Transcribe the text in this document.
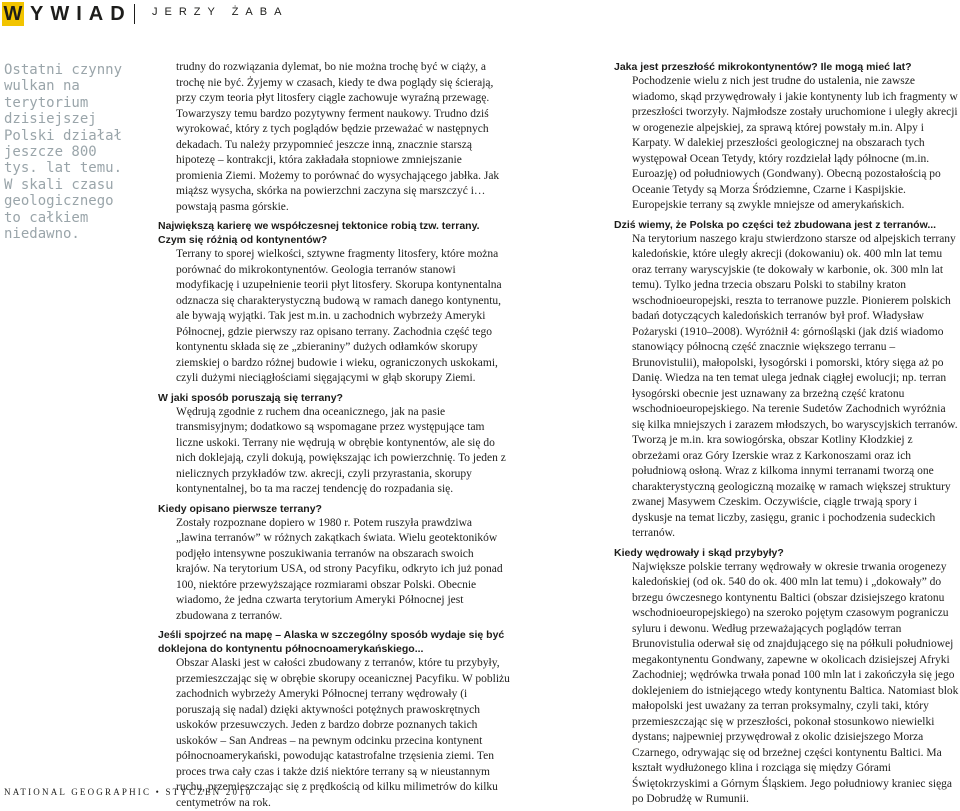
W YWIAD JERZY ŻABA

Ostatni czynny wulkan na terytorium dzisiejszej Polski działał jeszcze 800 tys. lat temu. W skali czasu geologicznego to całkiem niedawno.

trudny do rozwiązania dylemat, bo nie można trochę być w ciąży, a trochę nie być. Żyjemy w czasach, kiedy te dwa poglądy się ścierają, przy czym teoria płyt litosfery ciągle zachowuje wyraźną przewagę. Towarzyszy temu bardzo pozytywny ferment naukowy. Trudno dziś wyrokować, który z tych poglądów będzie przeważać w następnych dekadach. Tu należy przypomnieć jeszcze inną, znacznie starszą hipotezę – kontrakcji, która zakładała stopniowe zmniejszanie promienia Ziemi. Możemy to porównać do wysychającego jabłka. Jak miąższ wysycha, skórka na powierzchni zaczyna się marszczyć i… powstają pasma górskie.

Największą karierę we współczesnej tektonice robią tzw. terrany. Czym się różnią od kontynentów?

Terrany to sporej wielkości, sztywne fragmenty litosfery, które można porównać do mikrokontynentów. Geologia terranów stanowi modyfikację i uzupełnienie teorii płyt litosfery. Skorupa kontynentalna odznacza się charakterystyczną budową w ramach danego kontynentu, ale bywają wyjątki. Tak jest m.in. u zachodnich wybrzeży Ameryki Północnej, gdzie pierwszy raz opisano terrany. Zachodnia część tego kontynentu składa się ze „zbieraniny” dużych odłamków skorupy ziemskiej o bardzo różnej budowie i wieku, ograniczonych uskokami, czyli dużymi nieciągłościami sięgającymi w głąb skorupy Ziemi.

W jaki sposób poruszają się terrany?

Wędrują zgodnie z ruchem dna oceanicznego, jak na pasie transmisyjnym; dodatkowo są wspomagane przez występujące tam liczne uskoki. Terrany nie wędrują w obrębie kontynentów, ale się do nich doklejają, czyli dokują, powiększając ich powierzchnię. To jeden z nielicznych przykładów tzw. akrecji, czyli przyrastania, skorupy kontynentalnej, bo ta ma raczej tendencję do rozpadania się.

Kiedy opisano pierwsze terrany?

Zostały rozpoznane dopiero w 1980 r. Potem ruszyła prawdziwa „lawina terranów” w różnych zakątkach świata. Wielu geotektoników podjęło intensywne poszukiwania terranów na obszarach swoich krajów. Na terytorium USA, od strony Pacyfiku, odkryto ich już ponad 100, niektóre przewyższające rozmiarami obszar Polski. Obecnie wiadomo, że jedna czwarta terytorium Ameryki Północnej jest zbudowana z terranów.

Jeśli spojrzeć na mapę – Alaska w szczególny sposób wydaje się być doklejona do kontynentu północnoamerykańskiego...

Obszar Alaski jest w całości zbudowany z terranów, które tu przybyły, przemieszczając się w obrębie skorupy oceanicznej Pacyfiku. W pobliżu zachodnich wybrzeży Ameryki Północnej terrany wędrowały (i poruszają się nadal) dzięki aktywności potężnych prawoskrętnych uskoków przesuwczych. Jeden z bardzo dobrze poznanych takich uskoków – San Andreas – na pewnym odcinku przecina kontynent północnoamerykański, powodując katastrofalne trzęsienia ziemi. Ten proces trwa cały czas i także dziś niektóre terrany są w nieustannym ruchu, przemieszczając się z prędkością od kilku milimetrów do kilku centymetrów na rok.

Jaka jest przeszłość mikrokontynentów? Ile mogą mieć lat?

Pochodzenie wielu z nich jest trudne do ustalenia, nie zawsze wiadomo, skąd przywędrowały i jakie kontynenty lub ich fragmenty w przeszłości tworzyły. Najmłodsze zostały uruchomione i uległy akrecji w orogenezie alpejskiej, za sprawą której powstały m.in. Alpy i Karpaty. W dalekiej przeszłości geologicznej na obszarach tych występował Ocean Tetydy, który rozdzielał lądy północne (m.in. Euroazję) od południowych (Gondwany). Obecną pozostałością po Oceanie Tetydy są Morza Śródziemne, Czarne i Kaspijskie. Europejskie terrany są zwykle mniejsze od amerykańskich.

Dziś wiemy, że Polska po części też zbudowana jest z terranów...

Na terytorium naszego kraju stwierdzono starsze od alpejskich terrany kaledońskie, które uległy akrecji (dokowaniu) ok. 400 mln lat temu oraz terrany waryscyjskie (te dokowały w karbonie, ok. 300 mln lat temu). Tylko jedna trzecia obszaru Polski to stabilny kraton wschodnioeuropejski, reszta to terranowe puzzle. Pionierem polskich badań dotyczących kaledońskich terranów był prof. Władysław Pożaryski (1910–2008). Wyróżnił 4: górnośląski (jak dziś wiadomo stanowiący północną część znacznie większego terranu – Brunovistulii), małopolski, łysogórski i pomorski, który sięga aż po Danię. Wiedza na ten temat ulega jednak ciągłej ewolucji; np. terran łysogórski obecnie jest uznawany za brzeżną część kratonu wschodnioeuropejskiego. Na terenie Sudetów Zachodnich wyróżnia się kilka mniejszych i zarazem młodszych, bo waryscyjskich terranów. Tworzą je m.in. kra sowiogórska, obszar Kotliny Kłodzkiej z obrzeżami oraz Góry Izerskie wraz z Karkonoszami oraz ich południową osłoną. Wraz z kilkoma innymi terranami tworzą one charakterystyczną geologiczną mozaikę w ramach większej struktury zwanej Masywem Czeskim. Oczywiście, ciągle trwają spory i dyskusje na temat liczby, zasięgu, granic i pochodzenia sudeckich terranów.

Kiedy wędrowały i skąd przybyły?

Największe polskie terrany wędrowały w okresie trwania orogenezy kaledońskiej (od ok. 540 do ok. 400 mln lat temu) i „dokowały” do brzegu ówczesnego kontynentu Baltici (obszar dzisiejszego kratonu wschodnioeuropejskiego) na szeroko pojętym czasowym pograniczu syluru i dewonu. Według przeważających poglądów terran Brunovistulia oderwał się od znajdującego się na półkuli południowej megakontynentu Gondwany, zapewne w okolicach dzisiejszej Afryki Zachodniej; wędrówka trwała ponad 100 mln lat i zakończyła się jego doklejeniem do istniejącego wtedy kontynentu Baltica. Natomiast blok małopolski jest uważany za terran proksymalny, czyli taki, który przemieszczając się w przeszłości, pokonał stosunkowo niewielki dystans; najpewniej przywędrował z okolic dzisiejszego Morza Czarnego, odrywając się od brzeżnej części kontynentu Baltici. Ma kształt wydłużonego klina i rozciąga się między Górami Świętokrzyskimi a Górnym Śląskiem. Jego południowy kraniec sięga po Dobrudżę w Rumunii.

NATIONAL GEOGRAPHIC • STYCZEŃ 2010
